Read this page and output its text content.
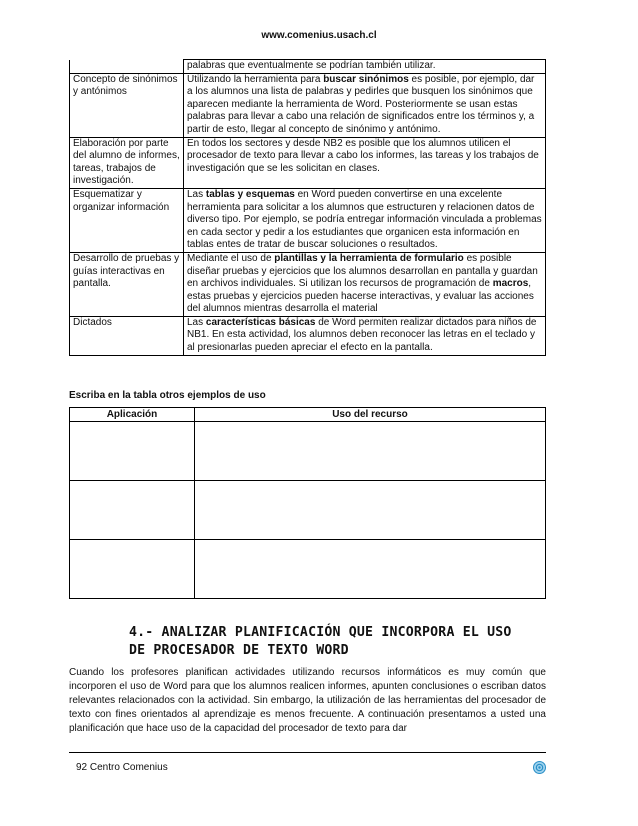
www.comenius.usach.cl
	palabras que eventualmente se podrían también utilizar.
Concepto de sinónimos y antónimos	Utilizando la herramienta para buscar sinónimos es posible, por ejemplo, dar a los alumnos una lista de palabras y pedirles que busquen los sinónimos que aparecen mediante la herramienta de Word. Posteriormente se usan estas palabras para llevar a cabo una relación de significados entre los términos y, a partir de esto, llegar al concepto de sinónimo y antónimo.
Elaboración por parte del alumno de informes, tareas, trabajos de investigación.	En todos los sectores y desde NB2 es posible que los alumnos utilicen el procesador de texto para llevar a cabo los informes, las tareas y los trabajos de investigación que se les solicitan en clases.
Esquematizar y organizar información	Las tablas y esquemas en Word pueden convertirse en una excelente herramienta para solicitar a los alumnos que estructuren y relacionen datos de diverso tipo. Por ejemplo, se podría entregar información vinculada a problemas en cada sector y pedir a los estudiantes que organicen esta información en tablas entes de tratar de buscar soluciones o resultados.
Desarrollo de pruebas y guías interactivas en pantalla.	Mediante el uso de plantillas y la herramienta de formulario es posible diseñar pruebas y ejercicios que los alumnos desarrollan en pantalla y guardan en archivos individuales. Si utilizan los recursos de programación de macros, estas pruebas y ejercicios pueden hacerse interactivas, y evaluar las acciones del alumnos mientras desarrolla el material
Dictados	Las características básicas de Word permiten realizar dictados para niños de NB1. En esta actividad, los alumnos deben reconocer las letras en el teclado y al presionarlas pueden apreciar el efecto en la pantalla.
Escriba en la tabla otros ejemplos de uso
Aplicación	Uso del recurso

4.- ANALIZAR PLANIFICACIÓN QUE INCORPORA EL USO
DE PROCESADOR DE TEXTO WORD
Cuando los profesores planifican actividades utilizando recursos informáticos es muy común que incorporen el uso de Word para que los alumnos realicen informes, apunten conclusiones o escriban datos relevantes relacionados con la actividad. Sin embargo, la utilización de las herramientas del procesador de texto con fines orientados al aprendizaje es menos frecuente. A continuación presentamos a usted una planificación que hace uso de la capacidad del procesador de texto para dar
92 Centro Comenius
